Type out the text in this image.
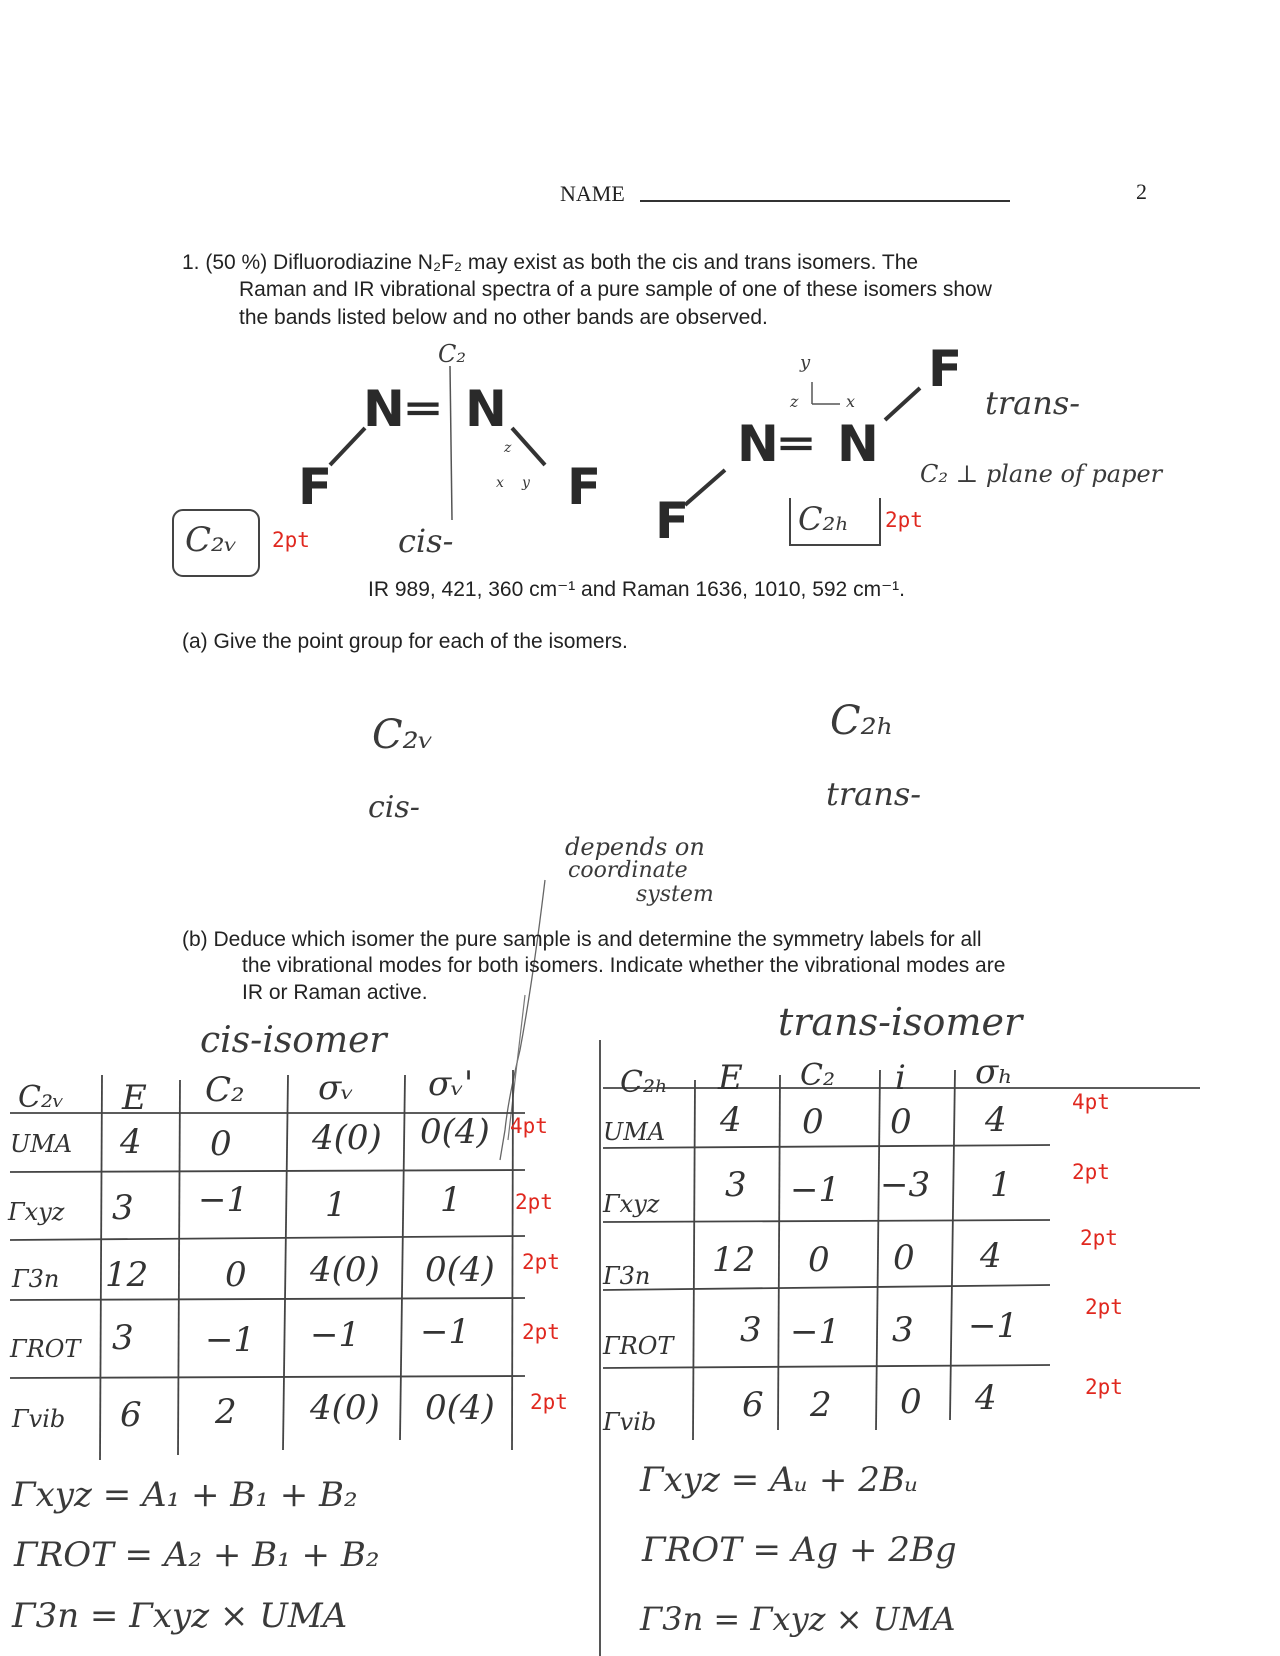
NAME	2
1. (50 %) Difluorodiazine N₂F₂ may exist as both the cis and trans isomers. The
Raman and IR vibrational spectra of a pure sample of one of these isomers show
the bands listed below and no other bands are observed.
C₂
N ═ N
F	F
z
x y
C₂ᵥ 2pt	cis-
y
z	x
F
N ═ N
F
trans-
C₂ ⊥ plane of paper
C₂ₕ 2pt
IR 989, 421, 360 cm⁻¹ and Raman 1636, 1010, 592 cm⁻¹.
(a) Give the point group for each of the isomers.
C₂ᵥ
cis-
C₂ₕ
trans-
depends on
coordinate
system
(b) Deduce which isomer the pure sample is and determine the symmetry labels for all
the vibrational modes for both isomers. Indicate whether the vibrational modes are
IR or Raman active.
cis-isomer	trans-isomer
C₂ᵥ E C₂ σᵥ σᵥ'
UMA 4 0 4(0) 0(4) 4pt
Γxyz 3 −1 1	1	2pt
Γ3n 12 0 4(0) 0(4) 2pt
ΓROT 3 −1 −1 −1 2pt
Γvib 6 2 4(0) 0(4) 2pt
Γxyz = A₁ + B₁ + B₂
ΓROT = A₂ + B₁ + B₂
Γ3n = Γxyz × UMA
C₂ₕ E C₂ i σₕ
UMA 4 0 0 4	4pt
Γxyz 3 −1 −3 1	2pt
Γ3n 12 0 0 4	2pt
ΓROT 3 −1 3 −1	2pt
Γvib	6 2 0 4	2pt
Γxyz = Aᵤ + 2Bᵤ
ΓROT = Ag + 2Bg
Γ3n = Γxyz × UMA
